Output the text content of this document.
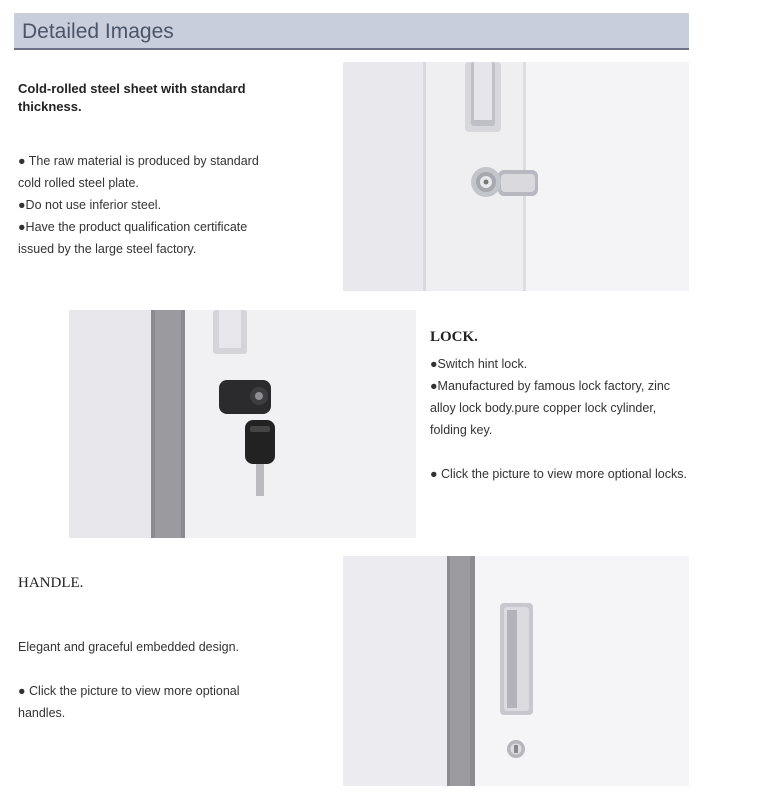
Detailed Images

Cold-rolled steel sheet with standard thickness.

● The raw material is produced by standard

cold rolled steel plate.

●Do not use inferior steel.

●Have the product qualification certificate

issued by the large steel factory.

LOCK.

●Switch hint lock.

●Manufactured by famous lock factory, zinc

alloy lock body.pure copper lock cylinder,

folding key.

● Click the picture to view more optional locks.

HANDLE.

Elegant and graceful embedded design.

● Click the picture to view more optional

handles.
